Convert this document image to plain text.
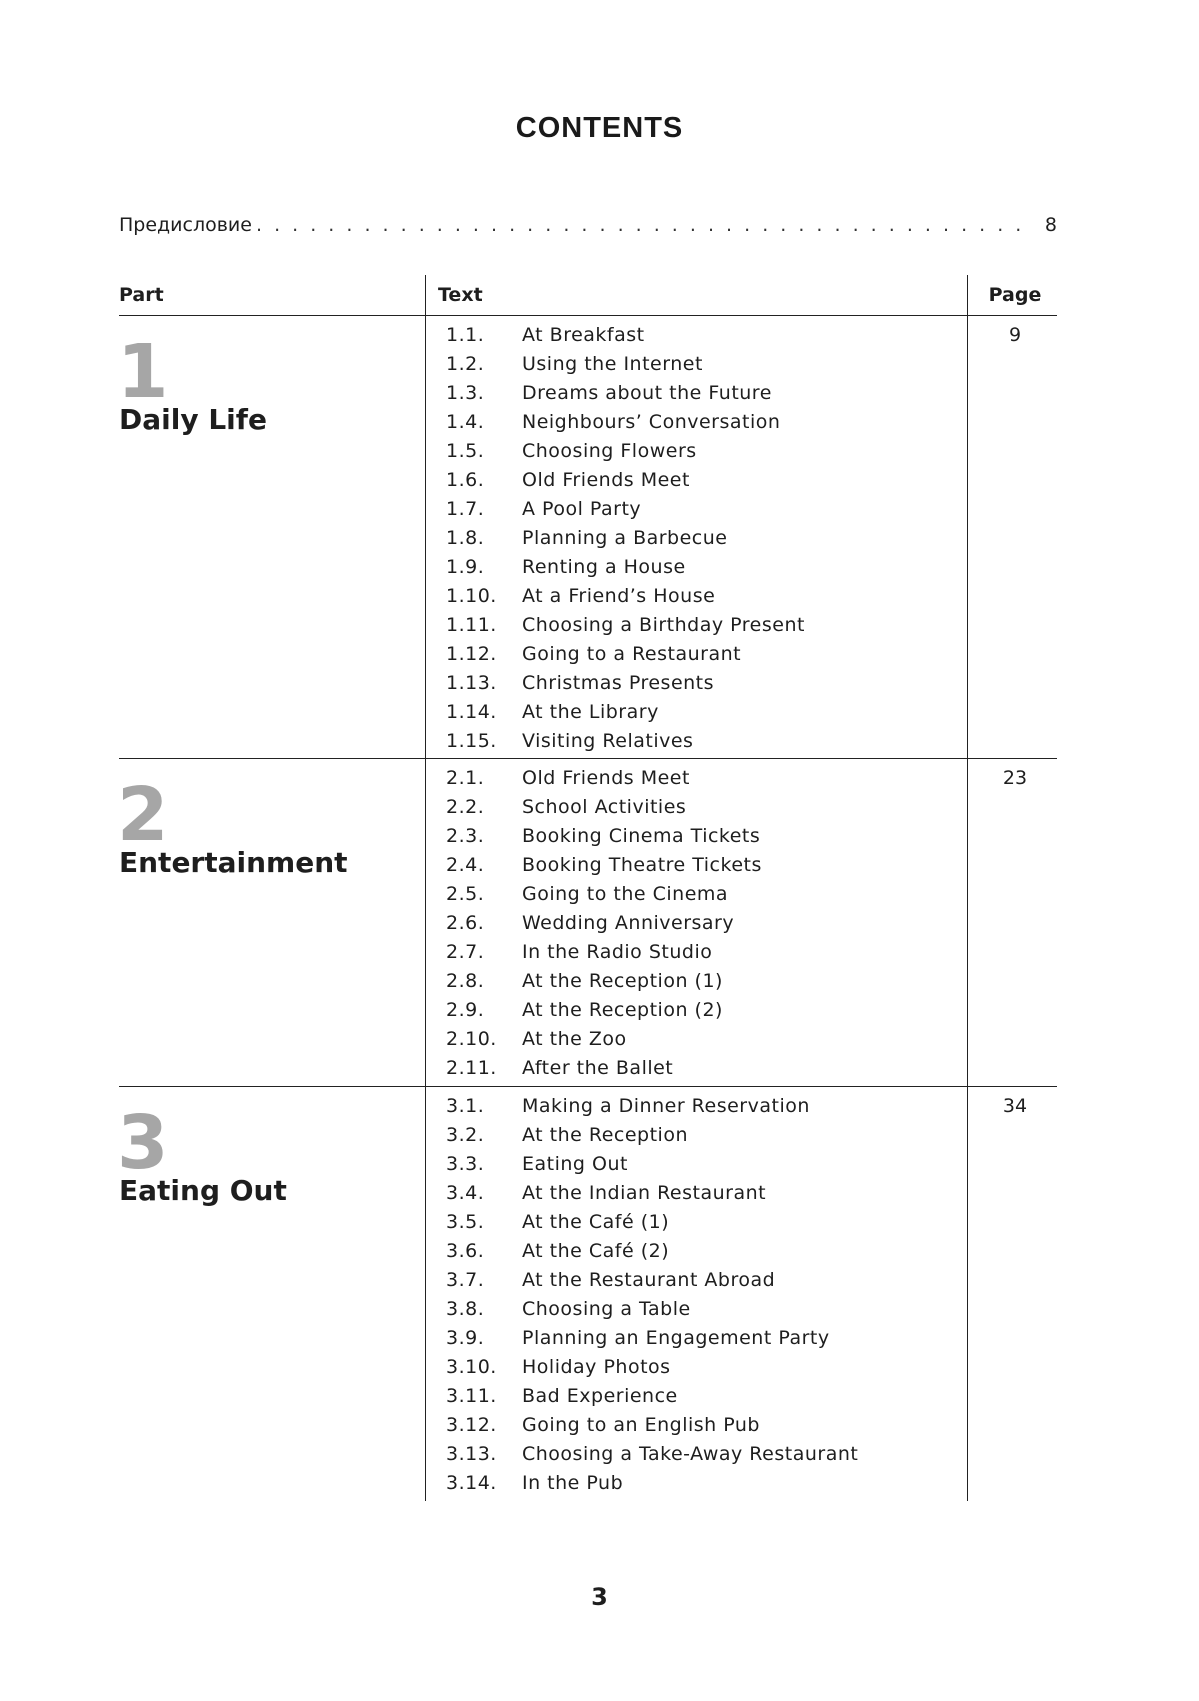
CONTENTS
Предисловие
. . .	8
Part	Text	Page
1
Daily Life
9
1.1.	At Breakfast
1.2.	Using the Internet
1.3.	Dreams about the Future
1.4.	Neighbours’ Conversation
1.5.	Choosing Flowers
1.6.	Old Friends Meet
1.7.	A Pool Party
1.8.	Planning a Barbecue
1.9.	Renting a House
1.10.	At a Friend’s House
1.11.	Choosing a Birthday Present
1.12.	Going to a Restaurant
1.13.	Christmas Presents
1.14.	At the Library
1.15.	Visiting Relatives
2
Entertainment
23
2.1.	Old Friends Meet
2.2.	School Activities
2.3.	Booking Cinema Tickets
2.4.	Booking Theatre Tickets
2.5.	Going to the Cinema
2.6.	Wedding Anniversary
2.7.	In the Radio Studio
2.8.	At the Reception (1)
2.9.	At the Reception (2)
2.10.	At the Zoo
2.11.	After the Ballet
3
Eating Out
34
3.1.	Making a Dinner Reservation
3.2.	At the Reception
3.3.	Eating Out
3.4.	At the Indian Restaurant
3.5.	At the Café (1)
3.6.	At the Café (2)
3.7.	At the Restaurant Abroad
3.8.	Choosing a Table
3.9.	Planning an Engagement Party
3.10.	Holiday Photos
3.11.	Bad Experience
3.12.	Going to an English Pub
3.13.	Choosing a Take-Away Restaurant
3.14.	In the Pub
3
